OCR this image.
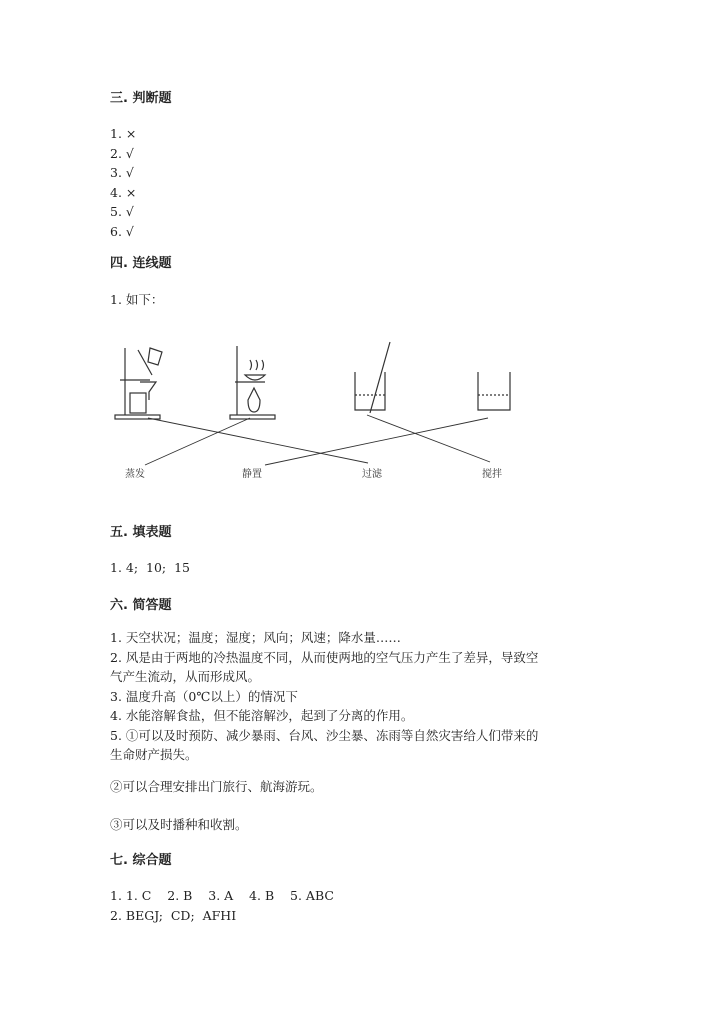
三. 判断题
1. ×
2. √
3. √
4. ×
5. √
6. √
四. 连线题
1. 如下：
蒸发	静置	过滤	搅拌
五. 填表题
1. 4;  10;  15
六. 简答题
1. 天空状况；温度；湿度；风向；风速；降水量……
2. 风是由于两地的冷热温度不同，从而使两地的空气压力产生了差异，导致空
气产生流动，从而形成风。
3. 温度升高（0℃以上）的情况下
4. 水能溶解食盐，但不能溶解沙，起到了分离的作用。
5. ①可以及时预防、减少暴雨、台风、沙尘暴、冻雨等自然灾害给人们带来的
生命财产损失。
②可以合理安排出门旅行、航海游玩。
③可以及时播种和收割。
七. 综合题
1. 1. C    2. B    3. A    4. B    5. ABC
2. BEGJ;  CD;  AFHI
